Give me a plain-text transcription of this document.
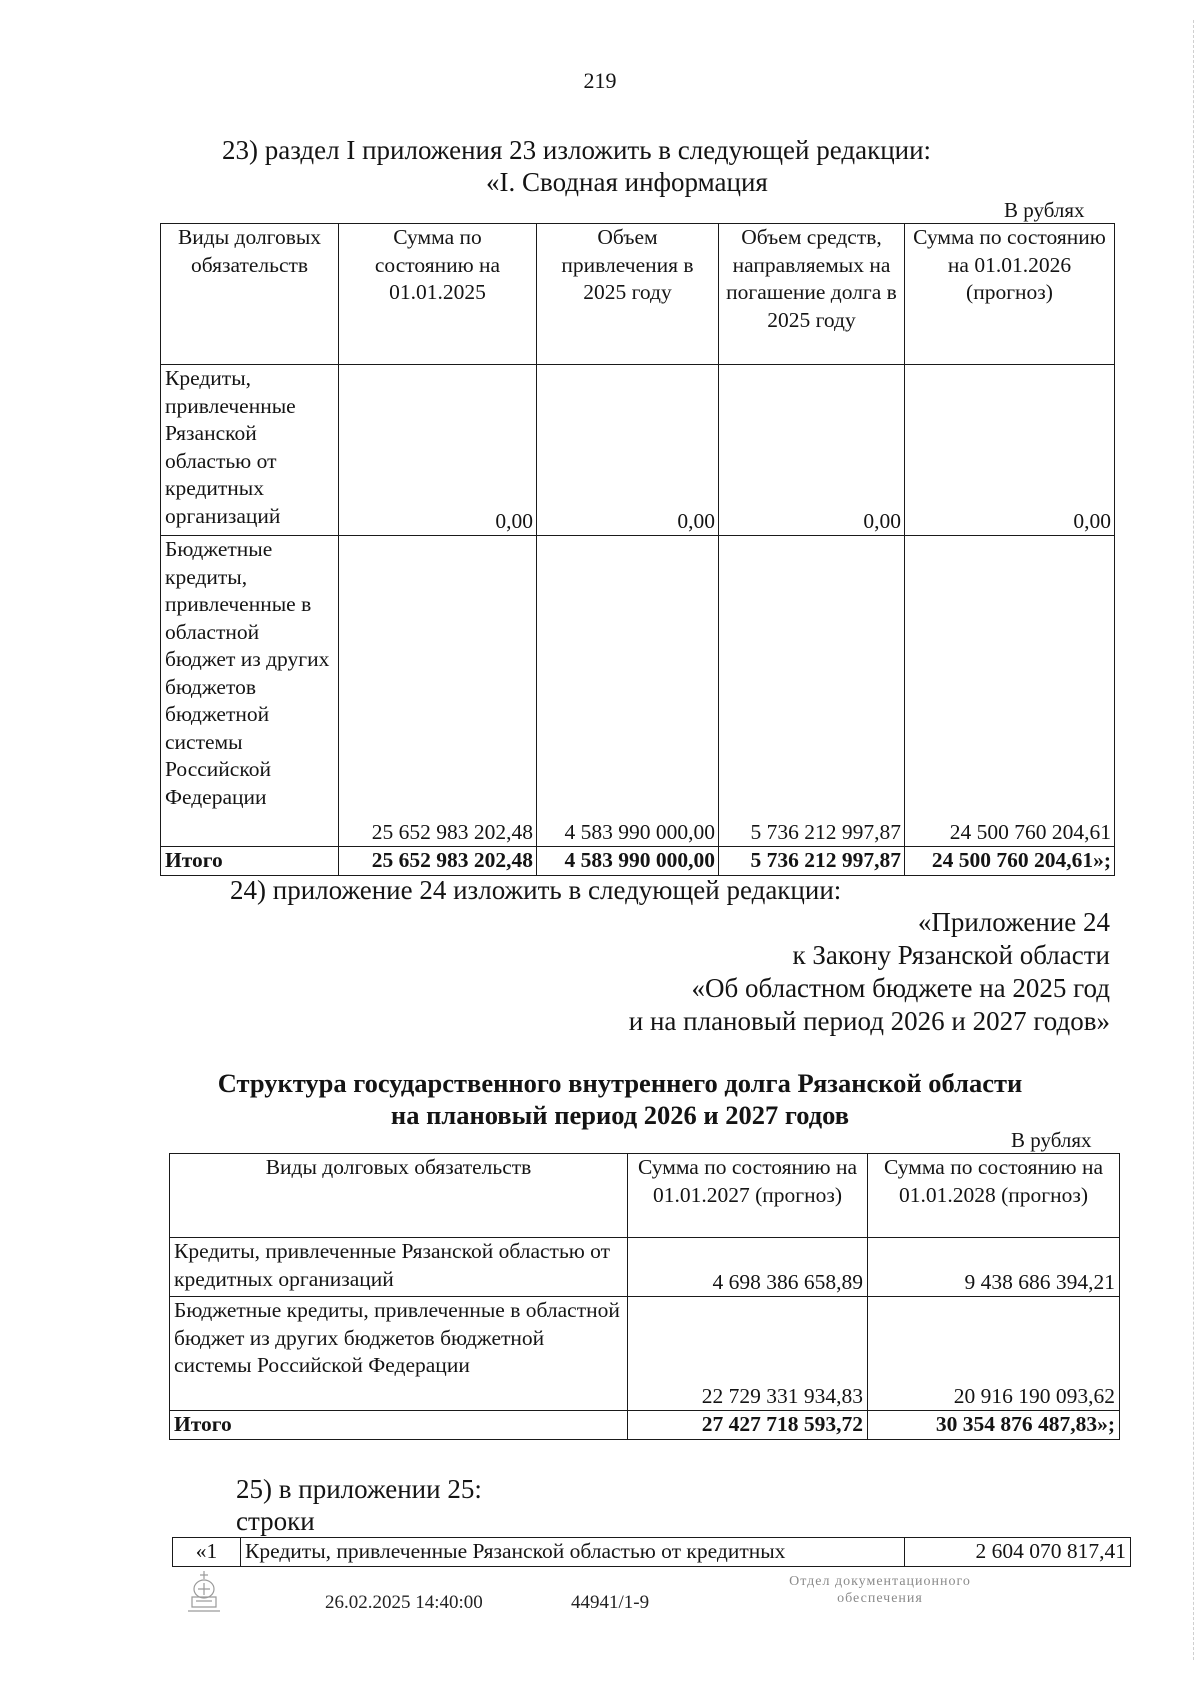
219
23) раздел I приложения 23 изложить в следующей редакции:
«I. Сводная информация
В рублях
Виды долговых обязательств	Сумма по состоянию на 01.01.2025	Объем привлечения в 2025 году	Объем средств, направляемых на погашение долга в 2025 году	Сумма по состоянию на 01.01.2026 (прогноз)
Кредиты, привлеченные Рязанской областью от кредитных организаций	0,00	0,00	0,00	0,00
Бюджетные кредиты, привлеченные в областной бюджет из других бюджетов бюджетной системы Российской Федерации	25 652 983 202,48	4 583 990 000,00	5 736 212 997,87	24 500 760 204,61
Итого	25 652 983 202,48	4 583 990 000,00	5 736 212 997,87	24 500 760 204,61»;
24) приложение 24 изложить в следующей редакции:
«Приложение 24
к Закону Рязанской области
«Об областном бюджете на 2025 год
и на плановый период 2026 и 2027 годов»
Структура государственного внутреннего долга Рязанской области
на плановый период 2026 и 2027 годов
В рублях
Виды долговых обязательств	Сумма по состоянию на 01.01.2027 (прогноз)	Сумма по состоянию на 01.01.2028 (прогноз)
Кредиты, привлеченные Рязанской областью от кредитных организаций	4 698 386 658,89	9 438 686 394,21
Бюджетные кредиты, привлеченные в областной бюджет из других бюджетов бюджетной системы Российской Федерации	22 729 331 934,83	20 916 190 093,62
Итого	27 427 718 593,72	30 354 876 487,83»;
25) в приложении 25:
строки
«1	Кредиты, привлеченные Рязанской областью от кредитных	2 604 070 817,41
26.02.2025 14:40:00	44941/1-9
Отдел документационного
обеспечения
